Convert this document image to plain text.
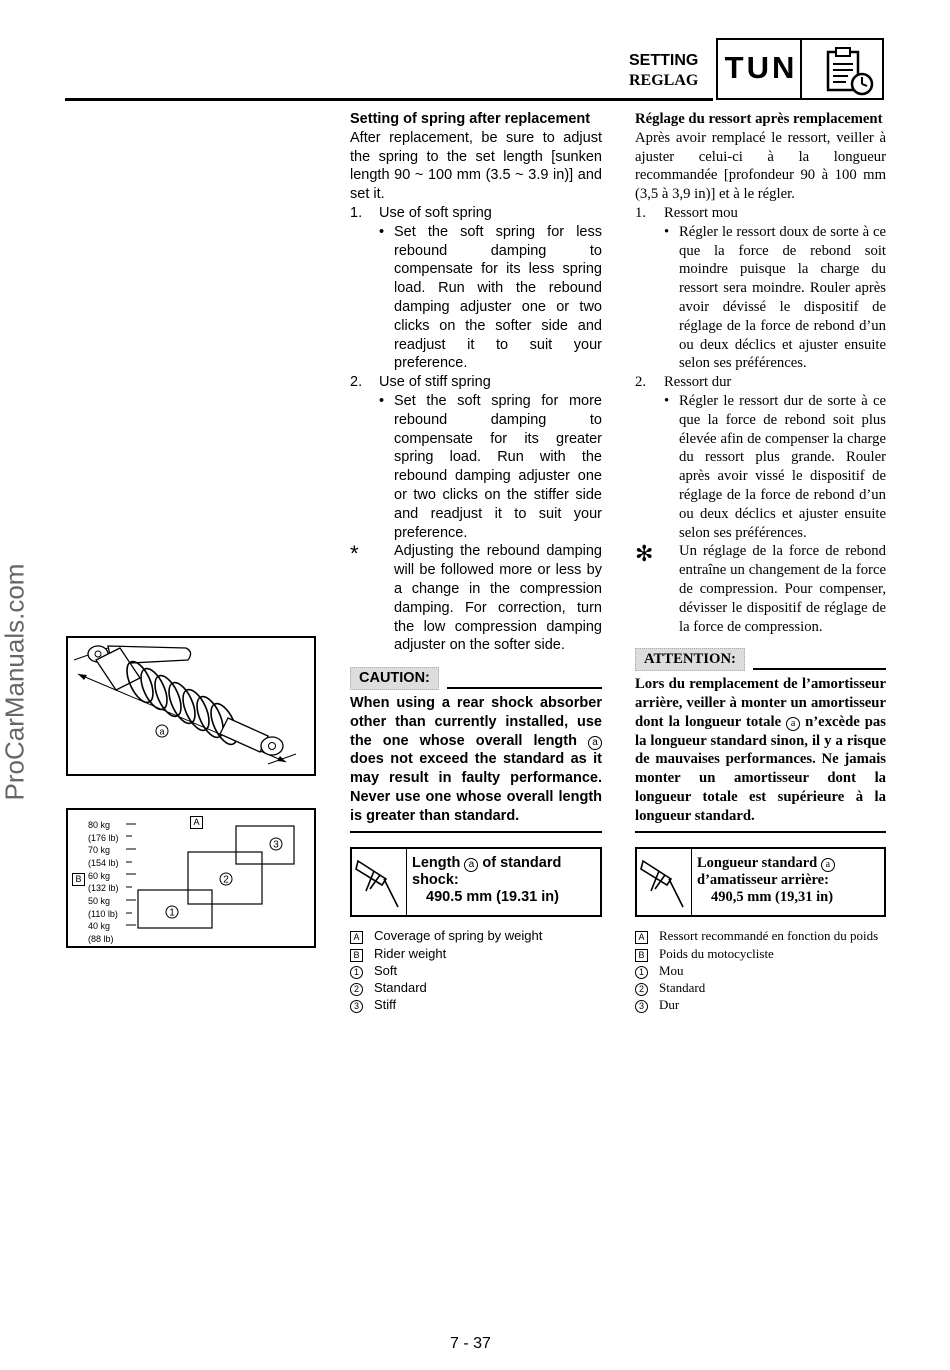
SETTING
REGLAG TUN
ProCarManuals.com	a
80 kg
(176 lb)
70 kg
(154 lb)
60 kg
(132 lb)
50 kg
(110 lb)
40 kg
(88 lb)
B
A
1
2
3

Setting of spring after replacement

After replacement, be sure to adjust the spring to the set length [sunken length 90 ~ 100 mm (3.5 ~ 3.9 in)] and set it.

1. Use of soft spring

• Set the soft spring for less rebound damping to compensate for its less spring load. Run with the rebound damping adjuster one or two clicks on the softer side and readjust it to suit your preference.

2. Use of stiff spring

• Set the soft spring for more rebound damping to compensate for its greater spring load. Run with the rebound damping adjuster one or two clicks on the stiffer side and readjust it to suit your preference.

* Adjusting the rebound damping will be followed more or less by a change in the compression damping. For correction, turn the low compression damping adjuster on the softer side.

CAUTION:

When using a rear shock absorber other than currently installed, use the one whose overall length a does not exceed the standard as it may result in faulty performance. Never use one whose overall length is greater than standard.

Length a of standard
shock:
490.5 mm (19.31 in)
A	Coverage of spring by weight
B	Rider weight
1	Soft
2	Standard
3	Stiff

Réglage du ressort après remplacement

Après avoir remplacé le ressort, veiller à ajuster celui-ci à la longueur recommandée [profondeur 90 à 100 mm (3,5 à 3,9 in)] et à le régler.

1. Ressort mou

• Régler le ressort doux de sorte à ce que la force de rebond soit moindre puisque la charge du ressort sera moindre. Rouler après avoir dévissé le dispositif de réglage de la force de rebond d’un ou deux déclics et ajuster ensuite selon ses préférences.

2. Ressort dur

• Régler le ressort dur de sorte à ce que la force de rebond soit plus élevée afin de compenser la charge du ressort plus grande. Rouler après avoir vissé le dispositif de réglage de la force de rebond d’un ou deux déclics et ajuster ensuite selon ses préférences.

✻ Un réglage de la force de rebond entraîne un changement de la force de compression. Pour compenser, dévisser le dispositif de réglage de la force de compression.

ATTENTION:

Lors du remplacement de l’amortisseur arrière, veiller à monter un amortisseur dont la longueur totale a n’excède pas la longueur standard sinon, il y a risque de mauvaises performances. Ne jamais monter un amortisseur dont la longueur totale est supérieure à la longueur standard.

Longueur standard a
d’amatisseur arrière:
490,5 mm (19,31 in)
A	Ressort recommandé en fonction du poids
B	Poids du motocycliste
1	Mou
2	Standard
3	Dur
7 - 37
